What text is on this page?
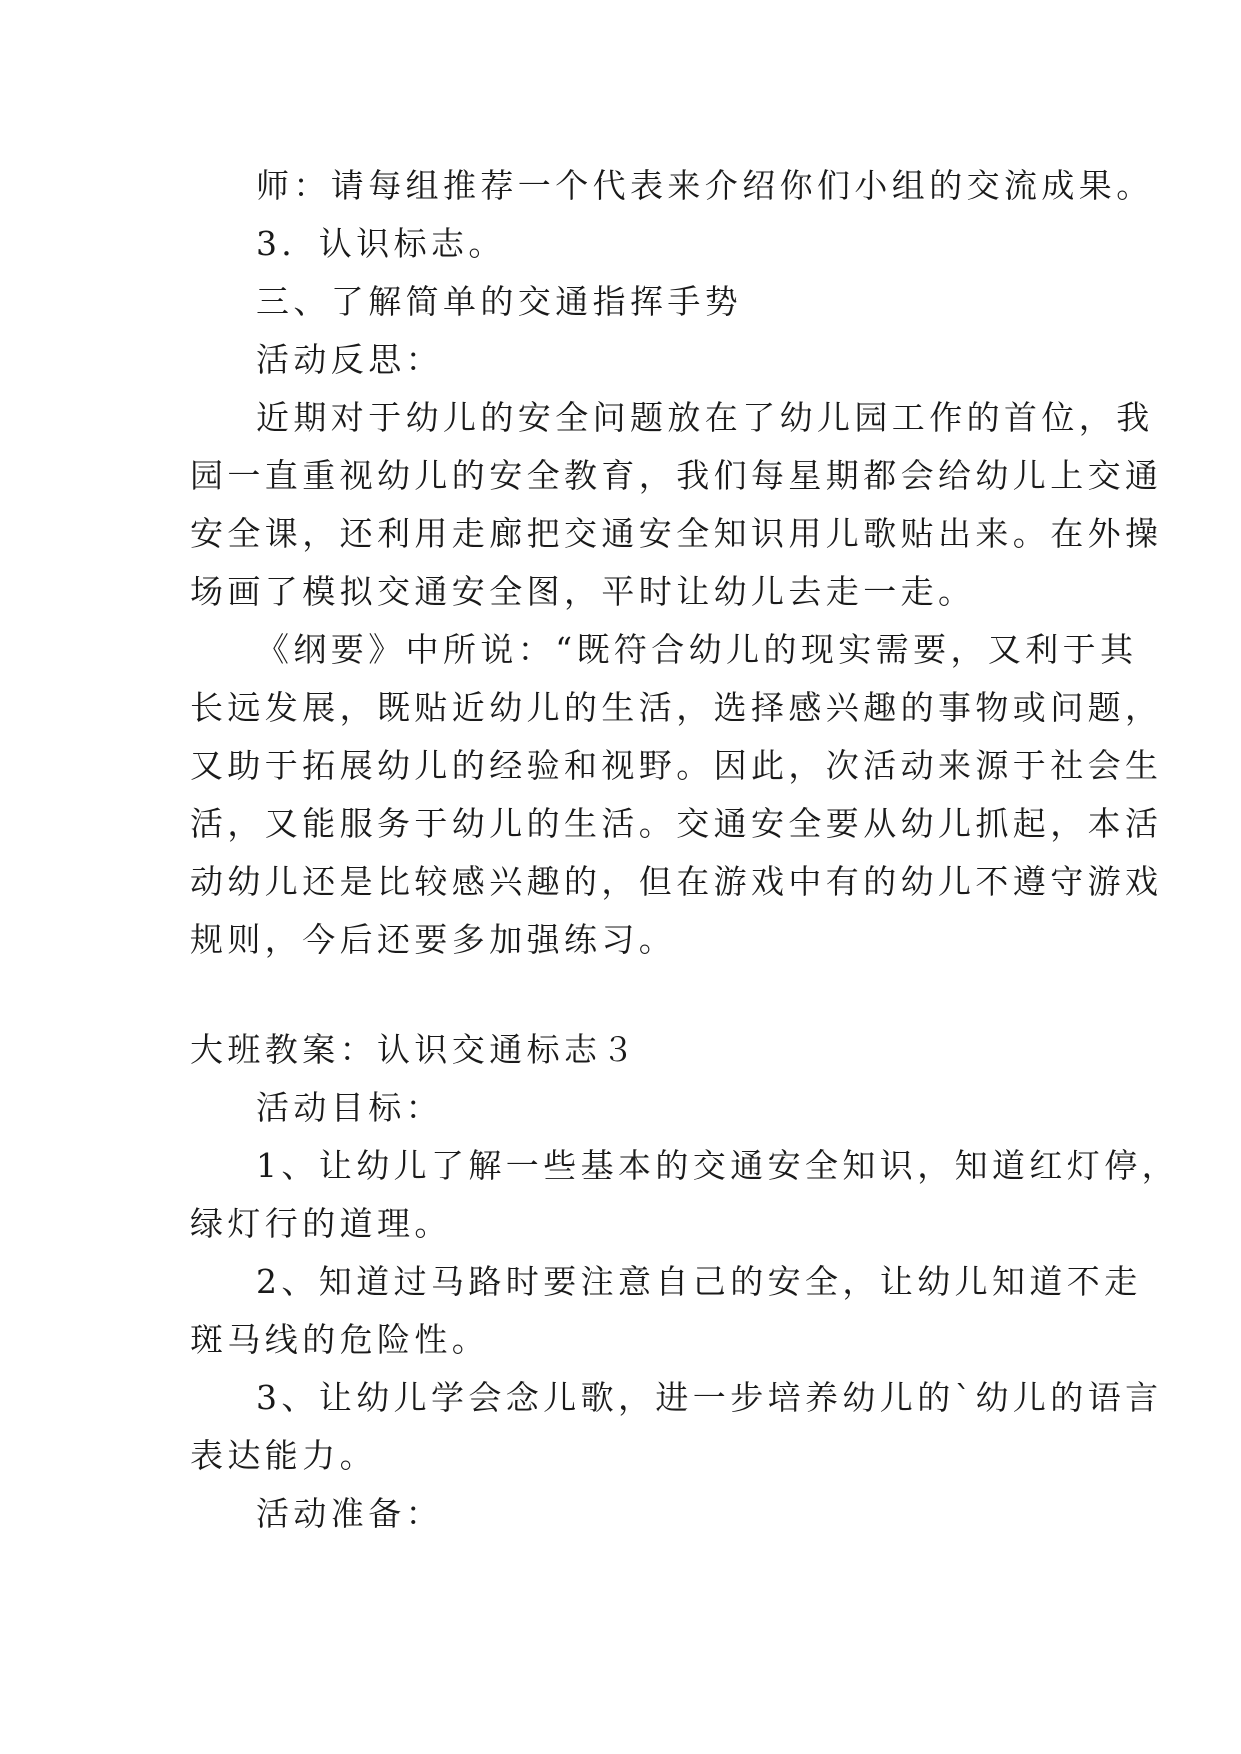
师：请每组推荐一个代表来介绍你们小组的交流成果。
3．认识标志。
三、了解简单的交通指挥手势
活动反思：
近期对于幼儿的安全问题放在了幼儿园工作的首位，我
园一直重视幼儿的安全教育，我们每星期都会给幼儿上交通
安全课，还利用走廊把交通安全知识用儿歌贴出来。在外操
场画了模拟交通安全图，平时让幼儿去走一走。
《纲要》中所说：“既符合幼儿的现实需要，又利于其
长远发展，既贴近幼儿的生活，选择感兴趣的事物或问题，
又助于拓展幼儿的经验和视野。因此，次活动来源于社会生
活，又能服务于幼儿的生活。交通安全要从幼儿抓起，本活
动幼儿还是比较感兴趣的，但在游戏中有的幼儿不遵守游戏
规则，今后还要多加强练习。
大班教案：认识交通标志３
活动目标：
1、让幼儿了解一些基本的交通安全知识，知道红灯停，
绿灯行的道理。
2、知道过马路时要注意自己的安全，让幼儿知道不走
斑马线的危险性。
3、让幼儿学会念儿歌，进一步培养幼儿的`幼儿的语言
表达能力。
活动准备：
